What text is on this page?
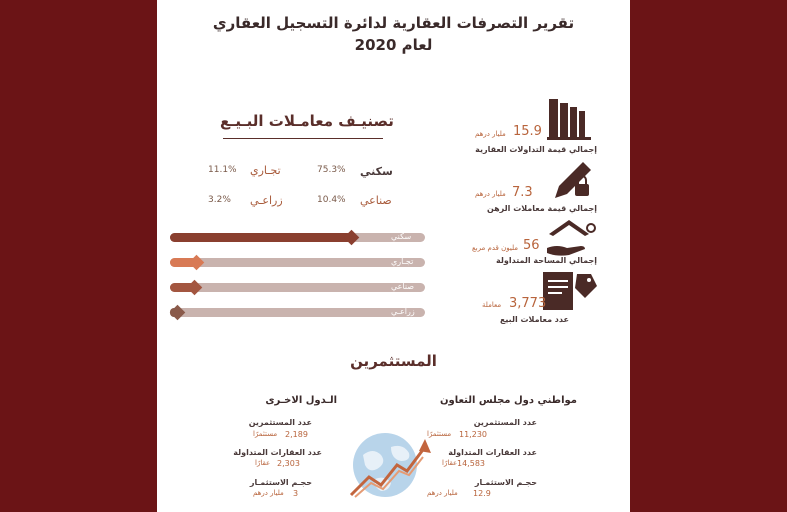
تقرير التصرفات العقارية لدائرة التسجيل العقاري
لعام 2020
تصنيـف معامـلات البـيـع
سكني
75.3%
تجـاري
11.1%
صناعي
10.4%
زراعـي
3.2%
سكني
تجـاري
صناعي
زراعـي
15.9
مليار درهم
إجمالي قيمة التداولات العقارية
7.3
مليار درهم
إجمالي قيمة معاملات الرهن
56
مليون قدم مربع
إجمالي المساحة المتداولة
3,773
معاملة
عدد معاملات البيع
المستثمرين
مواطني دول مجلس التعاون
عدد المستثمرين
11,230
مستثمرًا
عدد العقارات المتداولة
14,583
عقارًا
حجـم الاستثمـار
12.9
مليار درهم
الـدول الاخـرى
عدد المستثمرين
2,189
مستثمرًا
عدد العقارات المتداولة
2,303
عقارًا
حجـم الاستثمـار
3
مليار درهم
